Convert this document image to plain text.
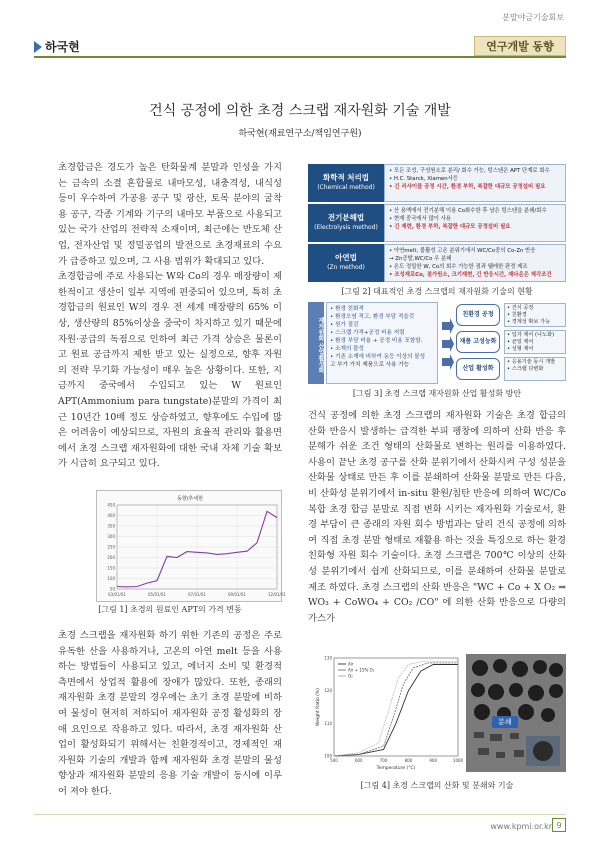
분말야금기술회보
하국현	연구개발 동향
건식 공정에 의한 초경 스크랩 재자원화 기술 개발
하국현(재료연구소/책임연구원)
초경합금은 경도가 높은 탄화물계 분말과 인성을 가지는 금속의 소결 혼합물로 내마모성, 내충격성, 내식성 등이 우수하여 가공용 공구 및 광산, 토목 분야의 굴착용 공구, 각종 기계와 기구의 내마모 부품으로 사용되고 있는 국가 산업의 전략적 소재이며, 최근에는 반도체 산업, 전자산업 및 정밀공업의 발전으로 초경재료의 수요가 급증하고 있으며, 그 사용 범위가 확대되고 있다.
초경합금에 주로 사용되는 W와 Co의 경우 매장량이 제한적이고 생산이 일부 지역에 편중되어 있으며, 특히 초경합금의 원료인 W의 경우 전 세계 매장량의 65% 이상, 생산량의 85%이상을 중국이 차지하고 있기 때문에 자원·공급의 독점으로 인하여 최근 가격 상승은 물론이고 원료 공급까지 제한 받고 있는 실정으로, 향후 자원의 전략 무기화 가능성이 매우 높은 상황이다. 또한, 지금까지 중국에서 수입되고 있는 W 원료인 APT(Ammonium para tungstate)분말의 가격이 최근 10년간 10배 정도 상승하였고, 향후에도 수입에 많은 어려움이 예상되므로, 자원의 효율적 관리와 활용면에서 초경 스크랩 재자원화에 대한 국내 자체 기술 확보가 시급히 요구되고 있다.
동향/추세현
50
100
150
200
250
300
350
400
450
03/01/01	05/01/01	07/01/01	09/01/01	12/01/01
[그림 1] 초경의 원료인 APT의 가격 변동
초경 스크랩을 재자원화 하기 위한 기존의 공정은 주로 유독한 산을 사용하거나, 고온의 아연 melt 등을 사용하는 방법들이 사용되고 있고, 에너지 소비 및 환경적 측면에서 상업적 활용에 장애가 많았다. 또한, 종래의 재자원화 초경 분말의 경우에는 초기 초경 분말에 비하여 물성이 현저히 저하되어 재자원화 공정 활성화의 장애 요인으로 작용하고 있다. 따라서, 초경 재자원화 산업이 활성화되기 위해서는 친환경적이고, 경제적인 재자원화 기술의 개발과 함께 재자원화 초경 분말의 물성 향상과 재자원화 분말의 응용 기술 개발이 동시에 이루어 져야 한다.
화학적 처리법
(Chemical method)
• 모든 조성, 구성원소로 분리/ 회수 가능, 텅스텐은 APT 단계로 회수
• H.C. Starck, Xiamen사등
• 긴 리사이클 공정 시간, 환경 부하, 복잡한 대규모 공정설비 필요
전기분해법
(Electrolysis method)
• 산 용액에서 전기분해 이용 Co화수한 후 남은 텅스텐을 분쇄/회수
• 현재 중국에서 많이 사용
• 긴 재련, 환경 부하, 복잡한 대규모 공정설비 필요
아연법
(Zn method)
• 아연melt, 불활성 고온 분위기에서 WC/Co중의 Co-Zn 반응
→ Zn증발,WC/Co 우 분쇄
• 온도 정밀한 W, Co의 회수 가능한 점과 웰레한 판정 제조
• 조성재로Co, 점가원소, 크기재현, 긴 반응시간, 재다운은 제각조건
[그림 2] 대표적인 초경 스크랩의 재자원화 기술의 현황
재자원화 산업활성화
• 환경 친화적
• 환경오염 적고, 환경 부담 적을것
• 원가 절감
• 스크랩 가격+공정 비용 저렴
• 환경 부담 비율 + 공정 비용 포함함.
• 소재의 물성
• 기존 소재에 비하여 동등 이상의 물성
고 부가 가치 제품으로 사용 가능
친환경 공정
재품 고성능화
산업 활성화
• 건식 공정
• 친환경
• 경제성 확보 가능
• 입자 제어 (나노화)
• 균일 제어
• 성형 제어
• 응용기술 동시 개발
• 스크랩 다변화
[그림 3] 초경 스크랩 재자원화 산업 활성화 방안
건식 공정에 의한 초경 스크랩의 재자원화 기술은 초경 합금의 산화 반응시 발생하는 급격한 부피 팽창에 의하여 산화 반응 후 분해가 쉬운 조건 형태의 산화물로 변하는 원리를 이용하였다. 사용이 끝난 초경 공구를 산화 분위기에서 산화시켜 구성 성분을 산화물 상태로 만든 후 이를 분쇄하여 산화물 분말로 만든 다음, 비 산화성 분위기에서 in-situ 환원/침탄 반응에 의하여 WC/Co 복합 초경 합금 분말로 직접 변화 시키는 재자원화 기술로서, 환경 부담이 큰 종래의 자원 회수 방법과는 달리 건식 공정에 의하여 직접 초경 분말 형태로 재활용 하는 것을 특징으로 하는 환경 친화형 자원 회수 기술이다. 초경 스크랩은 700℃ 이상의 산화성 분위기에서 쉽게 산화되므로, 이를 분쇄하여 산화물 분말로 제조 하였다. 초경 스크랩의 산화 반응은 "WC + Co + X O₂ ⇒ WO₃ + CoWO₄ + CO₂ /CO" 에 의한 산화 반응으로 다량의 가스가
100
110
120
130
500	600	700	800	900	1000
Weight Ratio (%)
Temperature (°C)
Air
Air + 15% O₂
O₂
분쇄
[그림 4] 초경 스크랩의 산화 및 분쇄와 기술
www.kpmi.or.kr 9
